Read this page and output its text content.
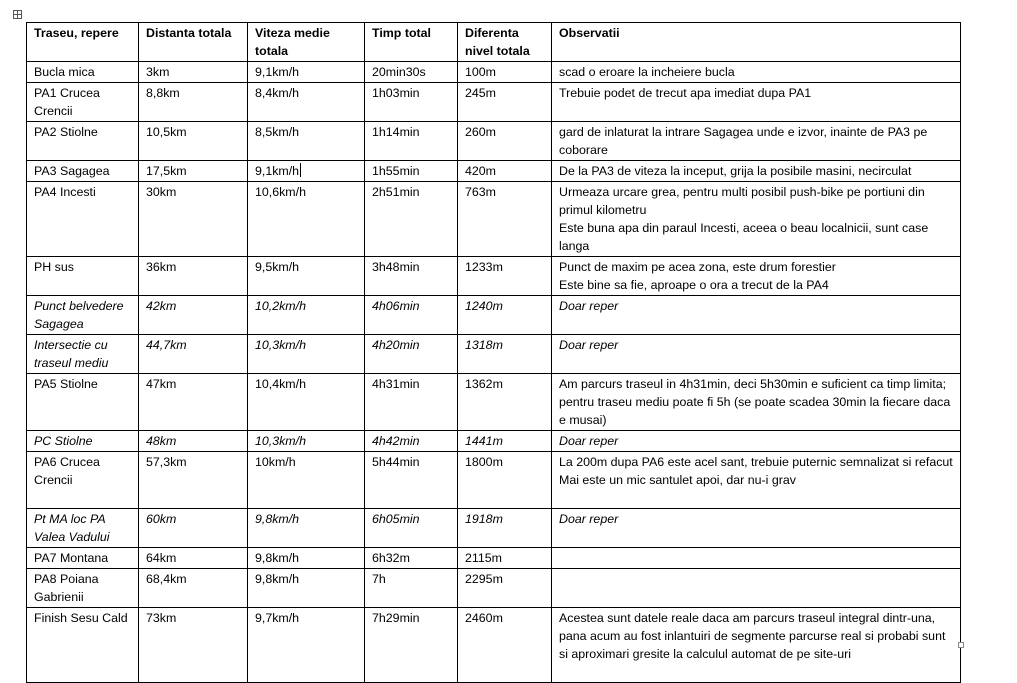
Traseu, repere	Distanta totala	Viteza medie totala	Timp total	Diferenta nivel totala	Observatii
Bucla mica	3km	9,1km/h	20min30s	100m	scad o eroare la incheiere bucla

PA1 Crucea Crencii	8,8km	8,4km/h	1h03min	245m	Trebuie podet de trecut apa imediat dupa PA1

PA2 Stiolne	10,5km	8,5km/h	1h14min	260m	gard de inlaturat la intrare Sagagea unde e izvor, inainte de PA3 pe coborare

PA3 Sagagea	17,5km	9,1km/h	1h55min	420m	De la PA3 de viteza la inceput, grija la posibile masini, necirculat

PA4 Incesti	30km	10,6km/h	2h51min	763m	Urmeaza urcare grea, pentru multi posibil push-bike pe portiuni din primul kilometru
Este buna apa din paraul Incesti, aceea o beau localnicii, sunt case langa

PH sus	36km	9,5km/h	3h48min	1233m	Punct de maxim pe acea zona, este drum forestier
Este bine sa fie, aproape o ora a trecut de la PA4

Punct belvedere Sagagea	42km	10,2km/h	4h06min	1240m	Doar reper

Intersectie cu traseul mediu	44,7km	10,3km/h	4h20min	1318m	Doar reper

PA5 Stiolne	47km	10,4km/h	4h31min	1362m	Am parcurs traseul in 4h31min, deci 5h30min e suficient ca timp limita; pentru traseu mediu poate fi 5h (se poate scadea 30min la fiecare daca e musai)

PC Stiolne	48km	10,3km/h	4h42min	1441m	Doar reper

PA6 Crucea Crencii	57,3km	10km/h	5h44min	1800m	La 200m dupa PA6 este acel sant, trebuie puternic semnalizat si refacut
Mai este un mic santulet apoi, dar nu-i grav

Pt MA loc PA Valea Vadului	60km	9,8km/h	6h05min	1918m	Doar reper

PA7 Montana	64km	9,8km/h	6h32m	2115m	
PA8 Poiana Gabrienii	68,4km	9,8km/h	7h	2295m	
Finish Sesu Cald	73km	9,7km/h	7h29min	2460m	Acestea sunt datele reale daca am parcurs traseul integral dintr-una, pana acum au fost inlantuiri de segmente parcurse real si probabi sunt si aproximari gresite la calculul automat de pe site-uri
